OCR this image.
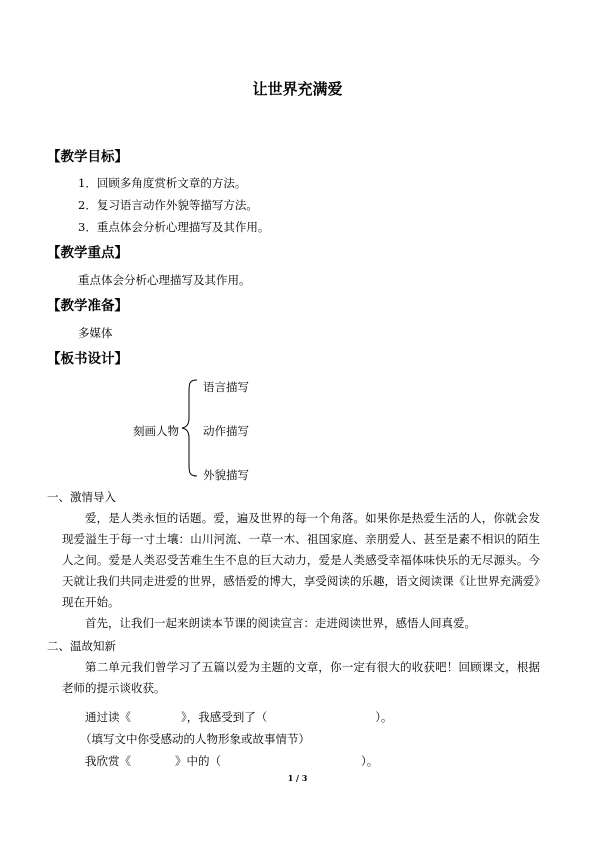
让世界充满爱
【教学目标】
1．回顾多角度赏析文章的方法。
2．复习语言动作外貌等描写方法。
3．重点体会分析心理描写及其作用。
【教学重点】
重点体会分析心理描写及其作用。
【教学准备】
多媒体
【板书设计】
刻画人物
语言描写
动作描写
外貌描写
一、激情导入
爱，是人类永恒的话题。爱，遍及世界的每一个角落。如果你是热爱生活的人，你就会发现爱溢生于每一寸土壤：山川河流、一草一木、祖国家庭、亲朋爱人、甚至是素不相识的陌生人之间。爱是人类忍受苦难生生不息的巨大动力，爱是人类感受幸福体味快乐的无尽源头。今天就让我们共同走进爱的世界，感悟爱的博大，享受阅读的乐趣，语文阅读课《让世界充满爱》现在开始。
首先，让我们一起来朗读本节课的阅读宣言：走进阅读世界，感悟人间真爱。
二、温故知新
第二单元我们曾学习了五篇以爱为主题的文章，你一定有很大的收获吧！回顾课文，根据老师的提示谈收获。
通过读《	》，我感受到了（	）。
（填写文中你受感动的人物形象或故事情节）
我欣赏《	》中的（	）。
1 / 3
